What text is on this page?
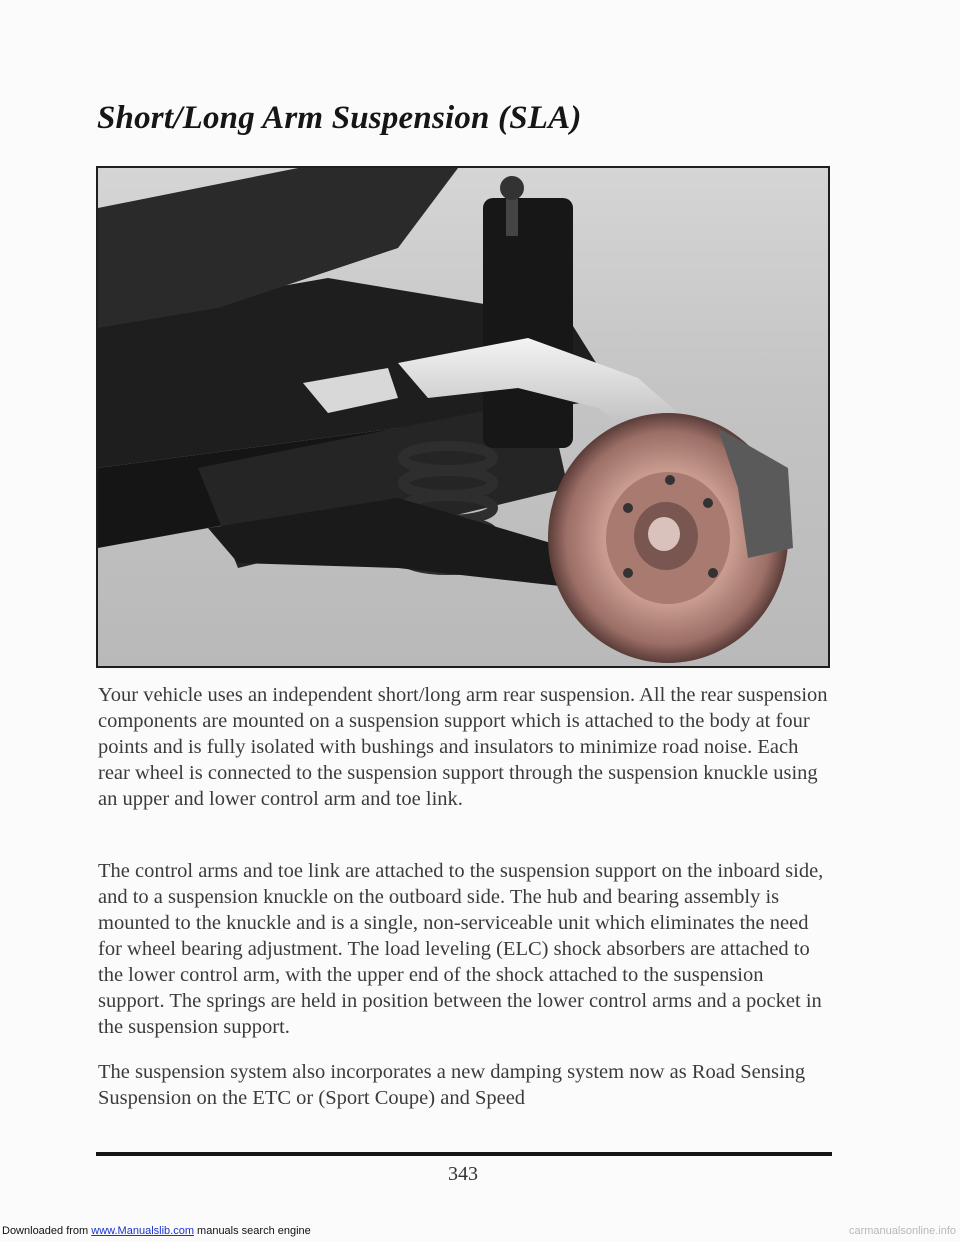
Short/Long Arm Suspension (SLA)

Your vehicle uses an independent short/long arm rear suspension. All the rear suspension components are mounted on a suspension support which is attached to the body at four points and is fully isolated with bushings and insulators to minimize road noise. Each rear wheel is connected to the suspension support through the suspension knuckle using an upper and lower control arm and toe link.

The control arms and toe link are attached to the suspension support on the inboard side, and to a suspension knuckle on the outboard side. The hub and bearing assembly is mounted to the knuckle and is a single, non-serviceable unit which eliminates the need for wheel bearing adjustment. The load leveling (ELC) shock absorbers are attached to the lower control arm, with the upper end of the shock attached to the suspension support. The springs are held in position between the lower control arms and a pocket in the suspension support.

The suspension system also incorporates a new damping system now as Road Sensing Suspension on the ETC or (Sport Coupe) and Speed

343
Downloaded from www.Manualslib.com manuals search engine	carmanualsonline.info
